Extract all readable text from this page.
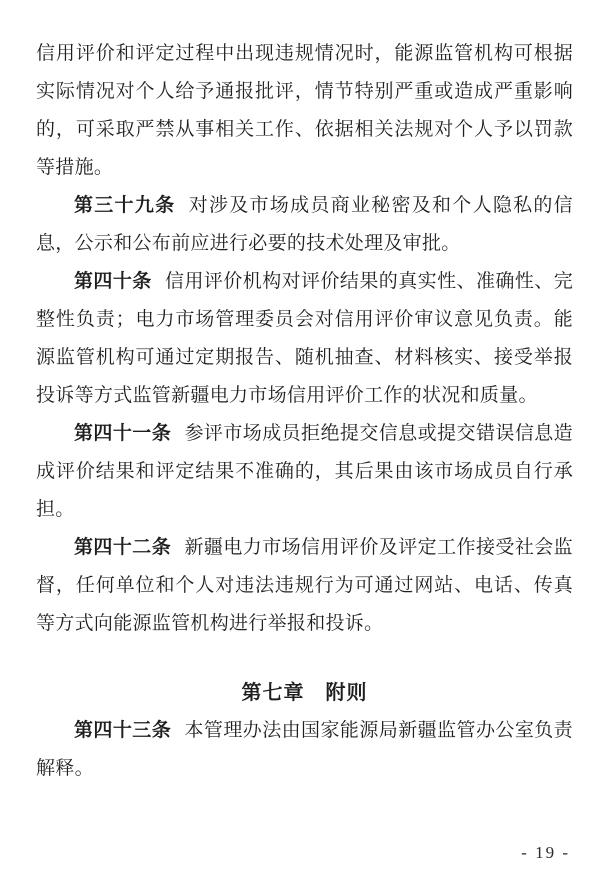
信用评价和评定过程中出现违规情况时，能源监管机构可根据实际情况对个人给予通报批评，情节特别严重或造成严重影响的，可采取严禁从事相关工作、依据相关法规对个人予以罚款等措施。

第三十九条 对涉及市场成员商业秘密及和个人隐私的信息，公示和公布前应进行必要的技术处理及审批。

第四十条 信用评价机构对评价结果的真实性、准确性、完整性负责；电力市场管理委员会对信用评价审议意见负责。能源监管机构可通过定期报告、随机抽查、材料核实、接受举报投诉等方式监管新疆电力市场信用评价工作的状况和质量。

第四十一条 参评市场成员拒绝提交信息或提交错误信息造成评价结果和评定结果不准确的，其后果由该市场成员自行承担。

第四十二条 新疆电力市场信用评价及评定工作接受社会监督，任何单位和个人对违法违规行为可通过网站、电话、传真等方式向能源监管机构进行举报和投诉。

第七章　附则

第四十三条 本管理办法由国家能源局新疆监管办公室负责解释。

- 19 -
